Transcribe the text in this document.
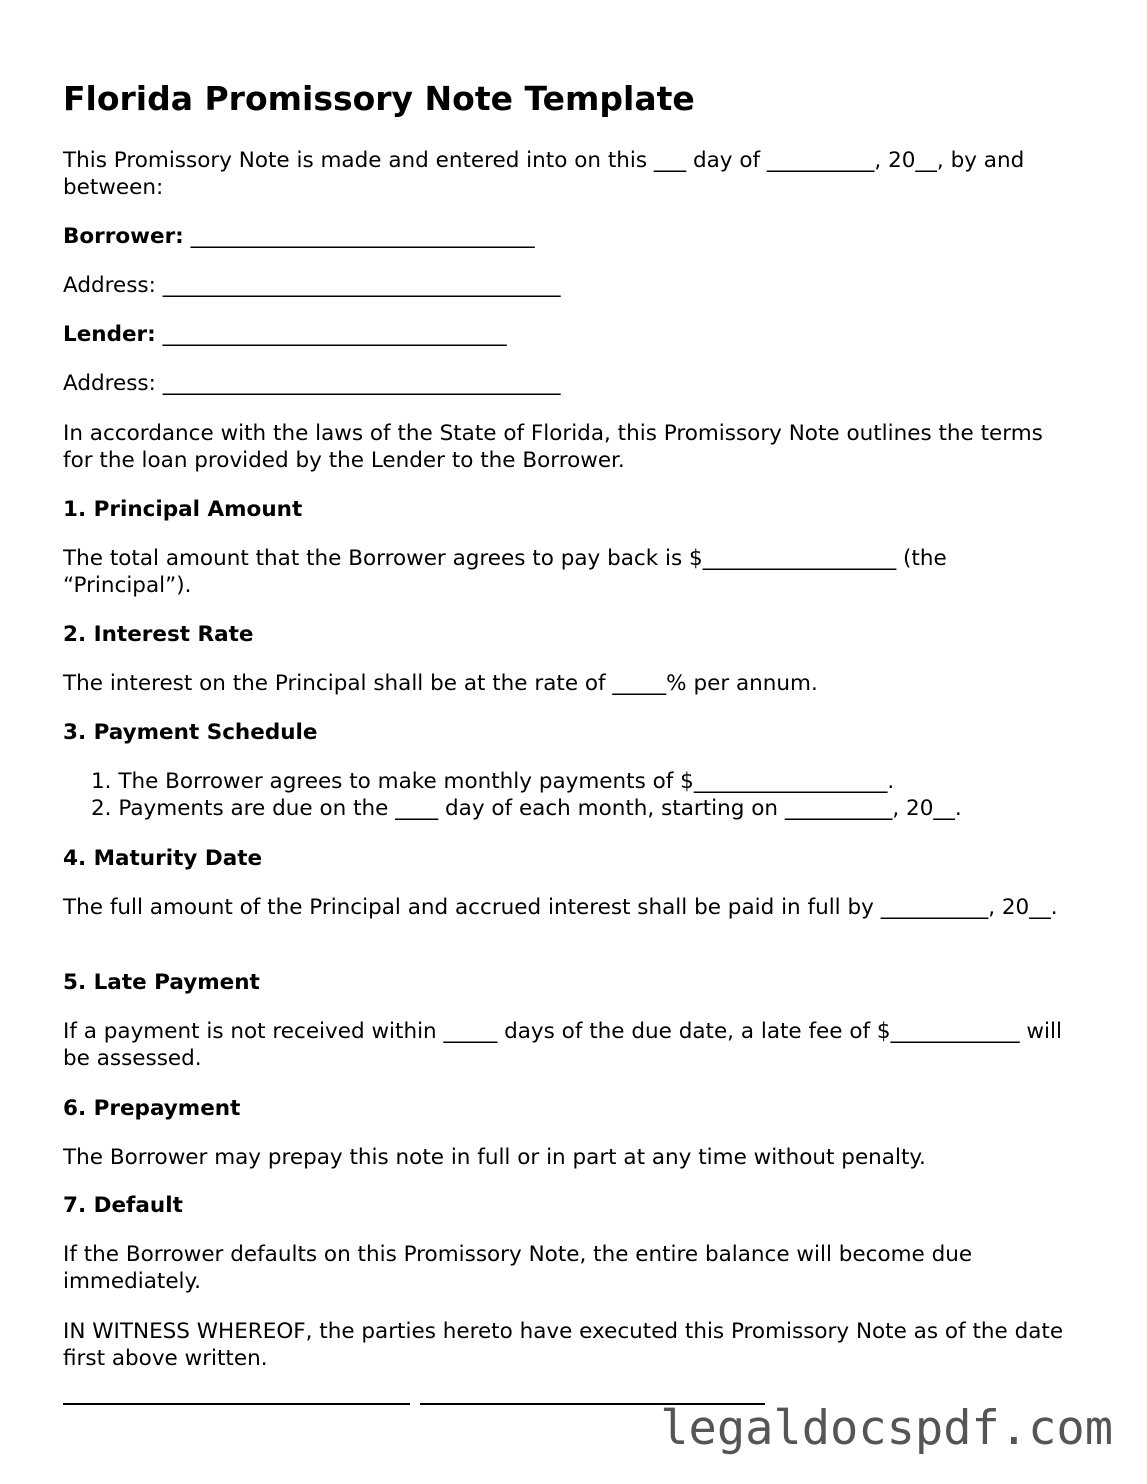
Florida Promissory Note Template

This Promissory Note is made and entered into on this ___ day of __________, 20__, by and between:

Borrower: ________________________________

Address: _____________________________________

Lender: ________________________________

Address: _____________________________________

In accordance with the laws of the State of Florida, this Promissory Note outlines the terms for the loan provided by the Lender to the Borrower.

1. Principal Amount

The total amount that the Borrower agrees to pay back is $__________________ (the “Principal”).

2. Interest Rate

The interest on the Principal shall be at the rate of _____% per annum.

3. Payment Schedule

1. The Borrower agrees to make monthly payments of $__________________.
2. Payments are due on the ____ day of each month, starting on __________, 20__.

4. Maturity Date

The full amount of the Principal and accrued interest shall be paid in full by __________, 20__.

5. Late Payment

If a payment is not received within _____ days of the due date, a late fee of $____________ will be assessed.

6. Prepayment

The Borrower may prepay this note in full or in part at any time without penalty.

7. Default

If the Borrower defaults on this Promissory Note, the entire balance will become due immediately.

IN WITNESS WHEREOF, the parties hereto have executed this Promissory Note as of the date first above written.

legaldocspdf.com
